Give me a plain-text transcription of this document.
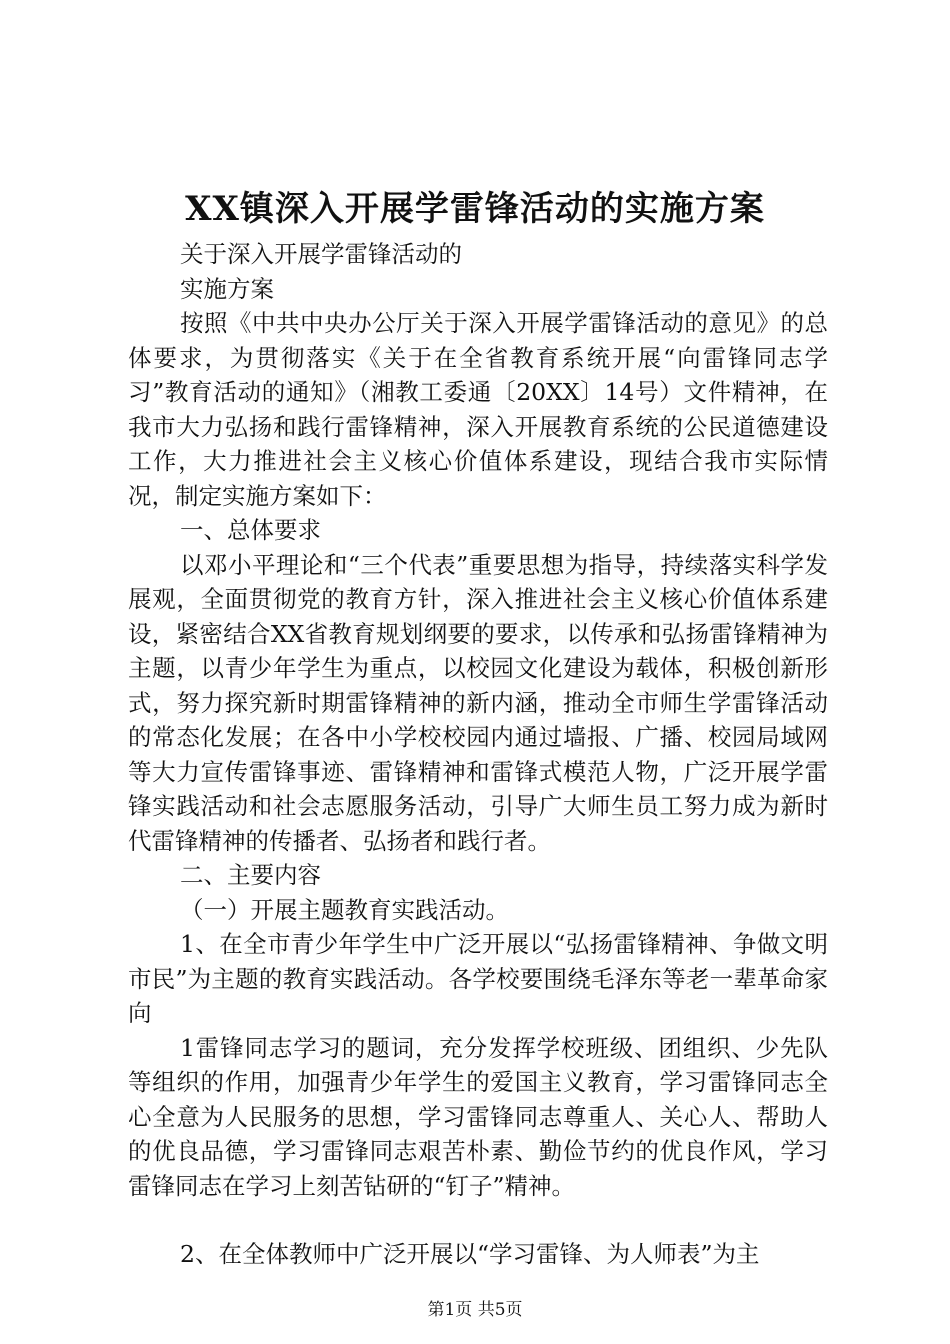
XX镇深入开展学雷锋活动的实施方案

关于深入开展学雷锋活动的

实施方案

按照《中共中央办公厅关于深入开展学雷锋活动的意见》的总体要求，为贯彻落实《关于在全省教育系统开展“向雷锋同志学习”教育活动的通知》（湘教工委通〔20XX〕14号）文件精神，在我市大力弘扬和践行雷锋精神，深入开展教育系统的公民道德建设工作，大力推进社会主义核心价值体系建设，现结合我市实际情况，制定实施方案如下：

一、总体要求

以邓小平理论和“三个代表”重要思想为指导，持续落实科学发展观，全面贯彻党的教育方针，深入推进社会主义核心价值体系建设，紧密结合XX省教育规划纲要的要求，以传承和弘扬雷锋精神为主题，以青少年学生为重点，以校园文化建设为载体，积极创新形式，努力探究新时期雷锋精神的新内涵，推动全市师生学雷锋活动的常态化发展；在各中小学校校园内通过墙报、广播、校园局域网等大力宣传雷锋事迹、雷锋精神和雷锋式模范人物，广泛开展学雷锋实践活动和社会志愿服务活动，引导广大师生员工努力成为新时代雷锋精神的传播者、弘扬者和践行者。

二、主要内容

（一）开展主题教育实践活动。

1、在全市青少年学生中广泛开展以“弘扬雷锋精神、争做文明市民”为主题的教育实践活动。各学校要围绕毛泽东等老一辈革命家向

1雷锋同志学习的题词，充分发挥学校班级、团组织、少先队等组织的作用，加强青少年学生的爱国主义教育，学习雷锋同志全心全意为人民服务的思想，学习雷锋同志尊重人、关心人、帮助人的优良品德，学习雷锋同志艰苦朴素、勤俭节约的优良作风，学习雷锋同志在学习上刻苦钻研的“钉子”精神。

2、在全体教师中广泛开展以“学习雷锋、为人师表”为主

第1页 共5页
